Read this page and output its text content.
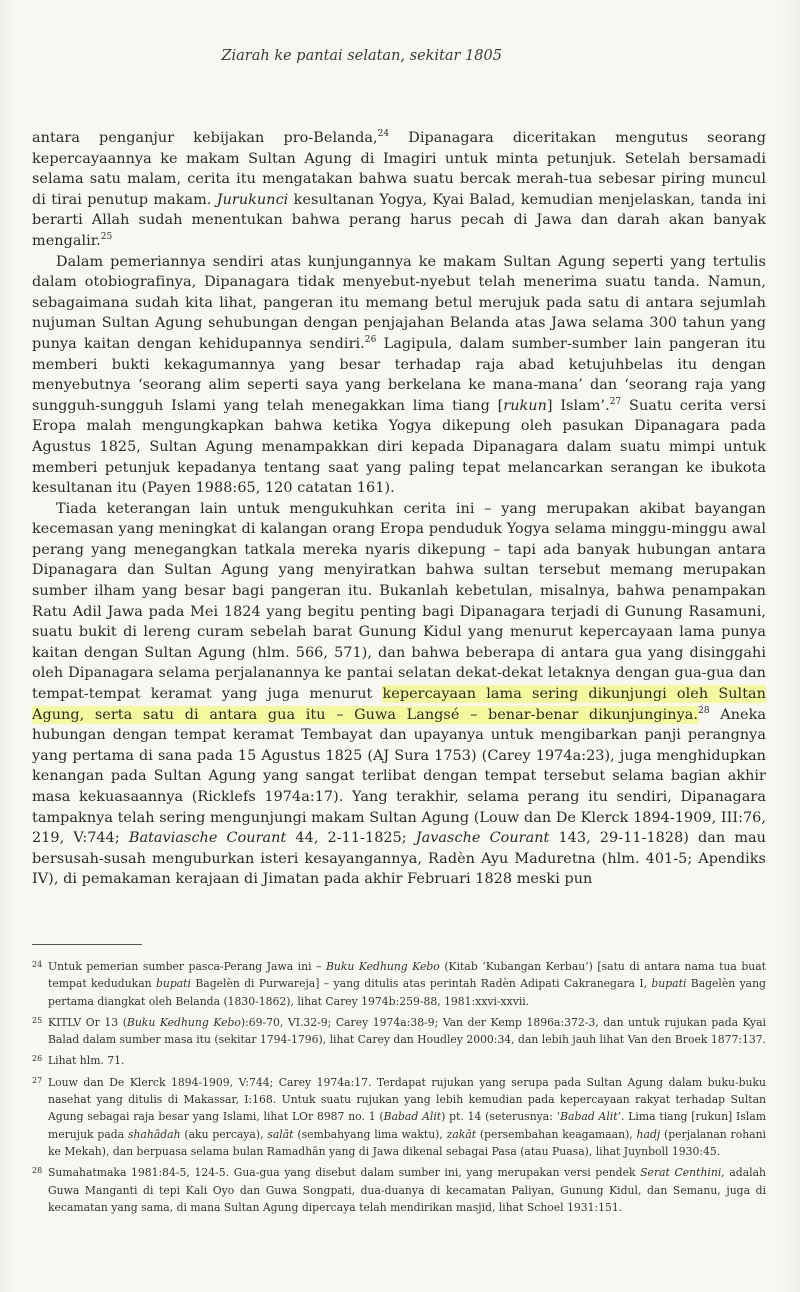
Ziarah ke pantai selatan, sekitar 1805

antara penganjur kebijakan pro-Belanda,$^{24}$ Dipanagara diceritakan mengutus seorang kepercayaannya ke makam Sultan Agung di Imagiri untuk minta petunjuk. Setelah bersamadi selama satu malam, cerita itu mengatakan bahwa suatu bercak merah-tua sebesar piring muncul di tirai penutup makam. Jurukunci kesultanan Yogya, Kyai Balad, kemudian menjelaskan, tanda ini berarti Allah sudah menentukan bahwa perang harus pecah di Jawa dan darah akan banyak mengalir.$^{25}$

Dalam pemeriannya sendiri atas kunjungannya ke makam Sultan Agung seperti yang tertulis dalam otobiografinya, Dipanagara tidak menyebut-nyebut telah menerima suatu tanda. Namun, sebagaimana sudah kita lihat, pangeran itu memang betul merujuk pada satu di antara sejumlah nujuman Sultan Agung sehubungan dengan penjajahan Belanda atas Jawa selama 300 tahun yang punya kaitan dengan kehidupannya sendiri.$^{26}$ Lagipula, dalam sumber-sumber lain pangeran itu memberi bukti kekagumannya yang besar terhadap raja abad ketujuhbelas itu dengan menyebutnya ‘seorang alim seperti saya yang berkelana ke mana-mana’ dan ‘seorang raja yang sungguh-sungguh Islami yang telah menegakkan lima tiang [rukun] Islam’.$^{27}$ Suatu cerita versi Eropa malah mengungkapkan bahwa ketika Yogya dikepung oleh pasukan Dipanagara pada Agustus 1825, Sultan Agung menampakkan diri kepada Dipanagara dalam suatu mimpi untuk memberi petunjuk kepadanya tentang saat yang paling tepat melancarkan serangan ke ibukota kesultanan itu (Payen 1988:65, 120 catatan 161).

Tiada keterangan lain untuk mengukuhkan cerita ini – yang merupakan akibat bayangan kecemasan yang meningkat di kalangan orang Eropa penduduk Yogya selama minggu-minggu awal perang yang menegangkan tatkala mereka nyaris dikepung – tapi ada banyak hubungan antara Dipanagara dan Sultan Agung yang menyiratkan bahwa sultan tersebut memang merupakan sumber ilham yang besar bagi pangeran itu. Bukanlah kebetulan, misalnya, bahwa penampakan Ratu Adil Jawa pada Mei 1824 yang begitu penting bagi Dipanagara terjadi di Gunung Rasamuni, suatu bukit di lereng curam sebelah barat Gunung Kidul yang menurut kepercayaan lama punya kaitan dengan Sultan Agung (hlm. 566, 571), dan bahwa beberapa di antara gua yang disinggahi oleh Dipanagara selama perjalanannya ke pantai selatan dekat-dekat letaknya dengan gua-gua dan tempat-tempat keramat yang juga menurut kepercayaan lama sering dikunjungi oleh Sultan Agung, serta satu di antara gua itu – Guwa Langsé – benar-benar dikunjunginya.$^{28}$ Aneka hubungan dengan tempat keramat Tembayat dan upayanya untuk mengibarkan panji perangnya yang pertama di sana pada 15 Agustus 1825 (AJ Sura 1753) (Carey 1974a:23), juga menghidupkan kenangan pada Sultan Agung yang sangat terlibat dengan tempat tersebut selama bagian akhir masa kekuasaannya (Ricklefs 1974a:17). Yang terakhir, selama perang itu sendiri, Dipanagara tampaknya telah sering mengunjungi makam Sultan Agung (Louw dan De Klerck 1894-1909, III:76, 219, V:744; Bataviasche Courant 44, 2-11-1825; Javasche Courant 143, 29-11-1828) dan mau bersusah-susah menguburkan isteri kesayangannya, Radèn Ayu Maduretna (hlm. 401-5; Apendiks IV), di pemakaman kerajaan di Jimatan pada akhir Februari 1828 meski pun

24 Untuk pemerian sumber pasca-Perang Jawa ini – Buku Kedhung Kebo (Kitab ‘Kubangan Kerbau’) [satu di antara nama tua buat tempat kedudukan bupati Bagelèn di Purwareja] – yang ditulis atas perintah Radèn Adipati Cakranegara I, bupati Bagelèn yang pertama diangkat oleh Belanda (1830-1862), lihat Carey 1974b:259-88, 1981:xxvi-xxvii.
25 KITLV Or 13 (Buku Kedhung Kebo):69-70, VI.32-9; Carey 1974a:38-9; Van der Kemp 1896a:372-3, dan untuk rujukan pada Kyai Balad dalam sumber masa itu (sekitar 1794-1796), lihat Carey dan Houdley 2000:34, dan lebih jauh lihat Van den Broek 1877:137.
26 Lihat hlm. 71.
27 Louw dan De Klerck 1894-1909, V:744; Carey 1974a:17. Terdapat rujukan yang serupa pada Sultan Agung dalam buku-buku nasehat yang ditulis di Makassar, I:168. Untuk suatu rujukan yang lebih kemudian pada kepercayaan rakyat terhadap Sultan Agung sebagai raja besar yang Islami, lihat LOr 8987 no. 1 (Babad Alit) pt. 14 (seterusnya: ‘Babad Alit’. Lima tiang [rukun] Islam merujuk pada shahādah (aku percaya), salāt (sembahyang lima waktu), zakāt (persembahan keagamaan), hadj (perjalanan rohani ke Mekah), dan berpuasa selama bulan Ramadhān yang di Jawa dikenal sebagai Pasa (atau Puasa), lihat Juynboll 1930:45.
28 Sumahatmaka 1981:84-5, 124-5. Gua-gua yang disebut dalam sumber ini, yang merupakan versi pendek Serat Centhini, adalah Guwa Manganti di tepi Kali Oyo dan Guwa Songpati, dua-duanya di kecamatan Paliyan, Gunung Kidul, dan Semanu, juga di kecamatan yang sama, di mana Sultan Agung dipercaya telah mendirikan masjid, lihat Schoel 1931:151.
